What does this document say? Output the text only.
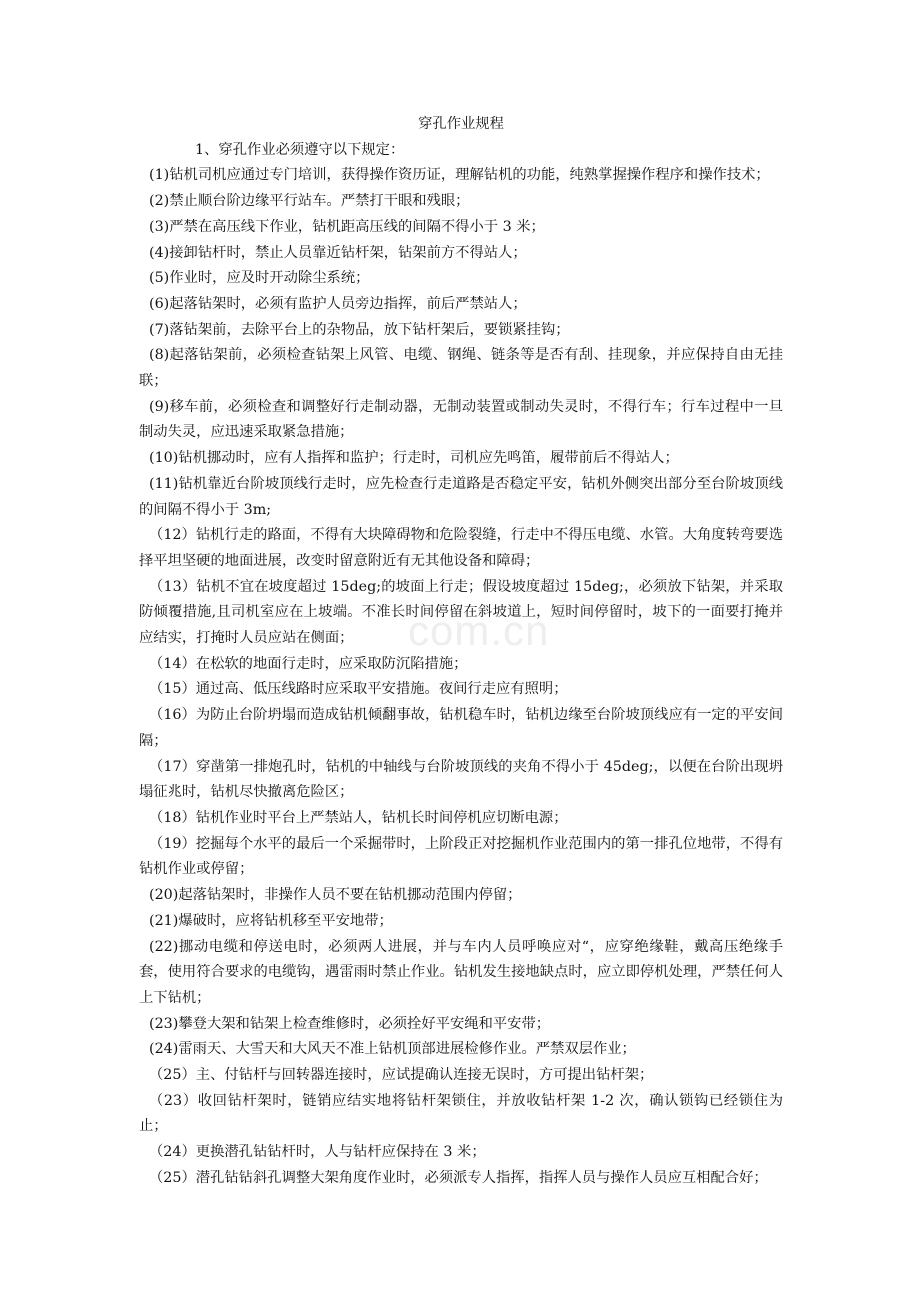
穿孔作业规程

1、穿孔作业必须遵守以下规定：

(1)钻机司机应通过专门培训，获得操作资历证，理解钻机的功能，纯熟掌握操作程序和操作技术；

(2)禁止顺台阶边缘平行站车。严禁打干眼和残眼；

(3)严禁在高压线下作业，钻机距高压线的间隔不得小于 3 米；

(4)接卸钻杆时，禁止人员靠近钻杆架，钻架前方不得站人；

(5)作业时，应及时开动除尘系统；

(6)起落钻架时，必须有监护人员旁边指挥，前后严禁站人；

(7)落钻架前，去除平台上的杂物品，放下钻杆架后，要锁紧挂钩；

(8)起落钻架前，必须检查钻架上风管、电缆、钢绳、链条等是否有刮、挂现象，并应保持自由无挂联；

(9)移车前，必须检查和调整好行走制动器，无制动装置或制动失灵时，不得行车；行车过程中一旦制动失灵，应迅速采取紧急措施；

(10)钻机挪动时，应有人指挥和监护；行走时，司机应先鸣笛，履带前后不得站人；

(11)钻机靠近台阶坡顶线行走时，应先检查行走道路是否稳定平安，钻机外侧突出部分至台阶坡顶线的间隔不得小于 3m;

（12）钻机行走的路面，不得有大块障碍物和危险裂缝，行走中不得压电缆、水管。大角度转弯要选择平坦坚硬的地面进展，改变时留意附近有无其他设备和障碍；

（13）钻机不宜在坡度超过 15deg;的坡面上行走；假设坡度超过 15deg;，必须放下钻架，并采取防倾覆措施,且司机室应在上坡端。不准长时间停留在斜坡道上，短时间停留时，坡下的一面要打掩并应结实，打掩时人员应站在侧面；

（14）在松软的地面行走时，应采取防沉陷措施；

（15）通过高、低压线路时应采取平安措施。夜间行走应有照明；

（16）为防止台阶坍塌而造成钻机倾翻事故，钻机稳车时，钻机边缘至台阶坡顶线应有一定的平安间隔；

（17）穿凿第一排炮孔时，钻机的中轴线与台阶坡顶线的夹角不得小于 45deg;，以便在台阶出现坍塌征兆时，钻机尽快撤离危险区；

（18）钻机作业时平台上严禁站人，钻机长时间停机应切断电源；

（19）挖掘每个水平的最后一个采掘带时，上阶段正对挖掘机作业范围内的第一排孔位地带，不得有钻机作业或停留；

(20)起落钻架时，非操作人员不要在钻机挪动范围内停留；

(21)爆破时，应将钻机移至平安地带；

(22)挪动电缆和停送电时，必须两人进展，并与车内人员呼唤应对“，应穿绝缘鞋，戴高压绝缘手套，使用符合要求的电缆钩，遇雷雨时禁止作业。钻机发生接地缺点时，应立即停机处理，严禁任何人上下钻机；

(23)攀登大架和钻架上检查维修时，必须拴好平安绳和平安带；

(24)雷雨天、大雪天和大风天不准上钻机顶部进展检修作业。严禁双层作业；

（25）主、付钻杆与回转器连接时，应试提确认连接无误时，方可提出钻杆架；

（23）收回钻杆架时，链销应结实地将钻杆架锁住，并放收钻杆架 1-2 次，确认锁钩已经锁住为止；

（24）更换潜孔钻钻杆时，人与钻杆应保持在 3 米；

（25）潜孔钻钻斜孔调整大架角度作业时，必须派专人指挥，指挥人员与操作人员应互相配合好；

com.cn
